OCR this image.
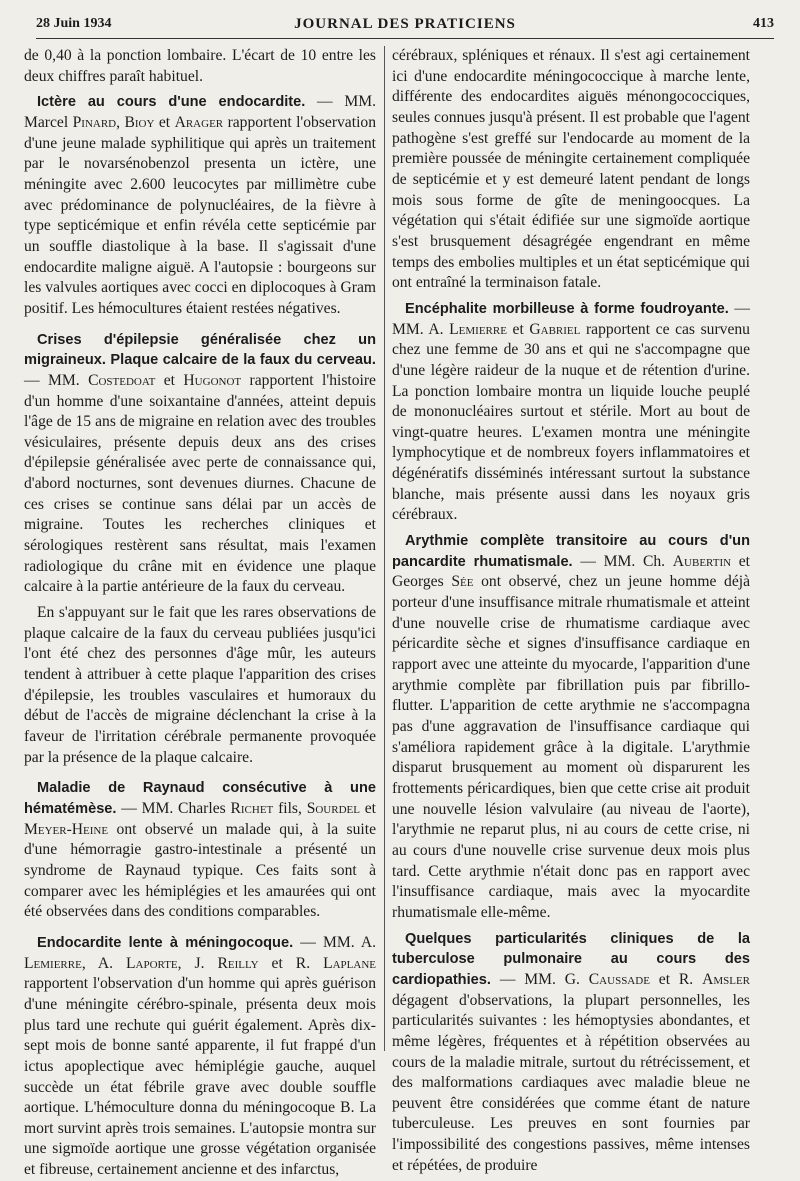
28 Juin 1934	JOURNAL DES PRATICIENS	413

de 0,40 à la ponction lombaire. L'écart de 10 entre les deux chiffres paraît habituel.

Ictère au cours d'une endocardite. — MM. Marcel Pinard, Bioy et Arager rapportent l'observation d'une jeune malade syphilitique qui après un traitement par le novarsénobenzol presenta un ictère, une méningite avec 2.600 leucocytes par millimètre cube avec prédominance de polynucléaires, de la fièvre à type septicémique et enfin révéla cette septicémie par un souffle diastolique à la base. Il s'agissait d'une endocardite maligne aiguë. A l'autopsie : bourgeons sur les valvules aortiques avec cocci en diplocoques à Gram positif. Les hémocultures étaient restées négatives.

Crises d'épilepsie généralisée chez un migraineux. Plaque calcaire de la faux du cerveau. — MM. Costedoat et Hugonot rapportent l'histoire d'un homme d'une soixantaine d'années, atteint depuis l'âge de 15 ans de migraine en relation avec des troubles vésiculaires, présente depuis deux ans des crises d'épilepsie généralisée avec perte de connaissance qui, d'abord nocturnes, sont devenues diurnes. Chacune de ces crises se continue sans délai par un accès de migraine. Toutes les recherches cliniques et sérologiques restèrent sans résultat, mais l'examen radiologique du crâne mit en évidence une plaque calcaire à la partie antérieure de la faux du cerveau.

En s'appuyant sur le fait que les rares observations de plaque calcaire de la faux du cerveau publiées jusqu'ici l'ont été chez des personnes d'âge mûr, les auteurs tendent à attribuer à cette plaque l'apparition des crises d'épilepsie, les troubles vasculaires et humoraux du début de l'accès de migraine déclenchant la crise à la faveur de l'irritation cérébrale permanente provoquée par la présence de la plaque calcaire.

Maladie de Raynaud consécutive à une hématémèse. — MM. Charles Richet fils, Sourdel et Meyer-Heine ont observé un malade qui, à la suite d'une hémorragie gastro-intestinale a présenté un syndrome de Raynaud typique. Ces faits sont à comparer avec les hémiplégies et les amaurées qui ont été observées dans des conditions comparables.

Endocardite lente à méningocoque. — MM. A. Lemierre, A. Laporte, J. Reilly et R. Laplane rapportent l'observation d'un homme qui après guérison d'une méningite cérébro-spinale, présenta deux mois plus tard une rechute qui guérit également. Après dix-sept mois de bonne santé apparente, il fut frappé d'un ictus apoplectique avec hémiplégie gauche, auquel succède un état fébrile grave avec double souffle aortique. L'hémoculture donna du méningocoque B. La mort survint après trois semaines. L'autopsie montra sur une sigmoïde aortique une grosse végétation organisée et fibreuse, certainement ancienne et des infarctus,

cérébraux, spléniques et rénaux. Il s'est agi certainement ici d'une endocardite méningococcique à marche lente, différente des endocardites aiguës ménongococciques, seules connues jusqu'à présent. Il est probable que l'agent pathogène s'est greffé sur l'endocarde au moment de la première poussée de méningite certainement compliquée de septicémie et y est demeuré latent pendant de longs mois sous forme de gîte de meningoocques. La végétation qui s'était édifiée sur une sigmoïde aortique s'est brusquement désagrégée engendrant en même temps des embolies multiples et un état septicémique qui ont entraîné la terminaison fatale.

Encéphalite morbilleuse à forme foudroyante. — MM. A. Lemierre et Gabriel rapportent ce cas survenu chez une femme de 30 ans et qui ne s'accompagne que d'une légère raideur de la nuque et de rétention d'urine. La ponction lombaire montra un liquide louche peuplé de mononucléaires surtout et stérile. Mort au bout de vingt-quatre heures. L'examen montra une méningite lymphocytique et de nombreux foyers inflammatoires et dégénératifs disséminés intéressant surtout la substance blanche, mais présente aussi dans les noyaux gris cérébraux.

Arythmie complète transitoire au cours d'un pancardite rhumatismale. — MM. Ch. Aubertin et Georges Sée ont observé, chez un jeune homme déjà porteur d'une insuffisance mitrale rhumatismale et atteint d'une nouvelle crise de rhumatisme cardiaque avec péricardite sèche et signes d'insuffisance cardiaque en rapport avec une atteinte du myocarde, l'apparition d'une arythmie complète par fibrillation puis par fibrillo-flutter. L'apparition de cette arythmie ne s'accompagna pas d'une aggravation de l'insuffisance cardiaque qui s'améliora rapidement grâce à la digitale. L'arythmie disparut brusquement au moment où disparurent les frottements péricardiques, bien que cette crise ait produit une nouvelle lésion valvulaire (au niveau de l'aorte), l'arythmie ne reparut plus, ni au cours de cette crise, ni au cours d'une nouvelle crise survenue deux mois plus tard. Cette arythmie n'était donc pas en rapport avec l'insuffisance cardiaque, mais avec la myocardite rhumatismale elle-même.

Quelques particularités cliniques de la tuberculose pulmonaire au cours des cardiopathies. — MM. G. Caussade et R. Amsler dégagent d'observations, la plupart personnelles, les particularités suivantes : les hémoptysies abondantes, et même légères, fréquentes et à répétition observées au cours de la maladie mitrale, surtout du rétrécissement, et des malformations cardiaques avec maladie bleue ne peuvent être considérées que comme étant de nature tuberculeuse. Les preuves en sont fournies par l'impossibilité des congestions passives, même intenses et répétées, de produire
